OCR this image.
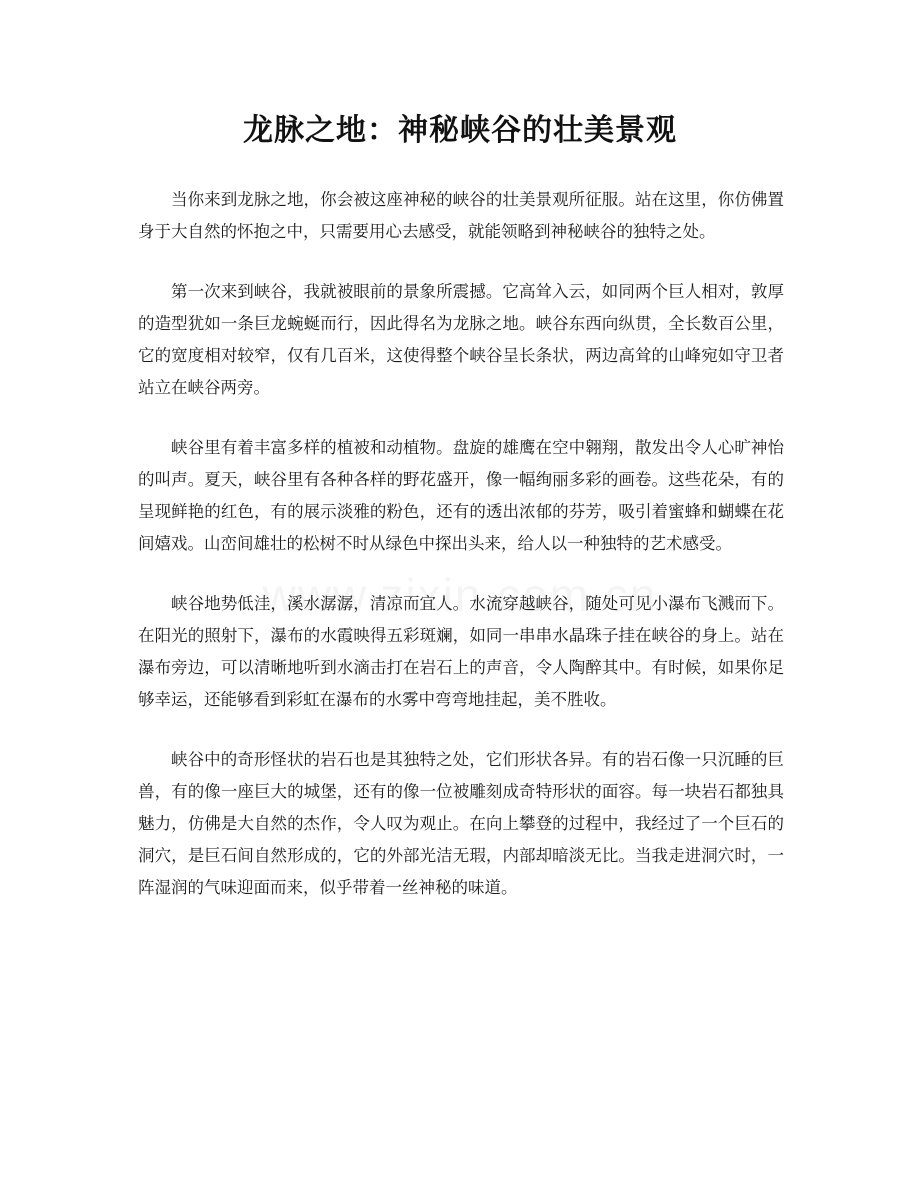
龙脉之地：神秘峡谷的壮美景观

当你来到龙脉之地，你会被这座神秘的峡谷的壮美景观所征服。站在这里，你仿佛置身于大自然的怀抱之中，只需要用心去感受，就能领略到神秘峡谷的独特之处。

第一次来到峡谷，我就被眼前的景象所震撼。它高耸入云，如同两个巨人相对，敦厚的造型犹如一条巨龙蜿蜒而行，因此得名为龙脉之地。峡谷东西向纵贯，全长数百公里，它的宽度相对较窄，仅有几百米，这使得整个峡谷呈长条状，两边高耸的山峰宛如守卫者站立在峡谷两旁。

峡谷里有着丰富多样的植被和动植物。盘旋的雄鹰在空中翱翔，散发出令人心旷神怡的叫声。夏天，峡谷里有各种各样的野花盛开，像一幅绚丽多彩的画卷。这些花朵，有的呈现鲜艳的红色，有的展示淡雅的粉色，还有的透出浓郁的芬芳，吸引着蜜蜂和蝴蝶在花间嬉戏。山峦间雄壮的松树不时从绿色中探出头来，给人以一种独特的艺术感受。

峡谷地势低洼，溪水潺潺，清凉而宜人。水流穿越峡谷，随处可见小瀑布飞溅而下。在阳光的照射下，瀑布的水霞映得五彩斑斓，如同一串串水晶珠子挂在峡谷的身上。站在瀑布旁边，可以清晰地听到水滴击打在岩石上的声音，令人陶醉其中。有时候，如果你足够幸运，还能够看到彩虹在瀑布的水雾中弯弯地挂起，美不胜收。

峡谷中的奇形怪状的岩石也是其独特之处，它们形状各异。有的岩石像一只沉睡的巨兽，有的像一座巨大的城堡，还有的像一位被雕刻成奇特形状的面容。每一块岩石都独具魅力，仿佛是大自然的杰作，令人叹为观止。在向上攀登的过程中，我经过了一个巨石的洞穴，是巨石间自然形成的，它的外部光洁无瑕，内部却暗淡无比。当我走进洞穴时，一阵湿润的气味迎面而来，似乎带着一丝神秘的味道。
